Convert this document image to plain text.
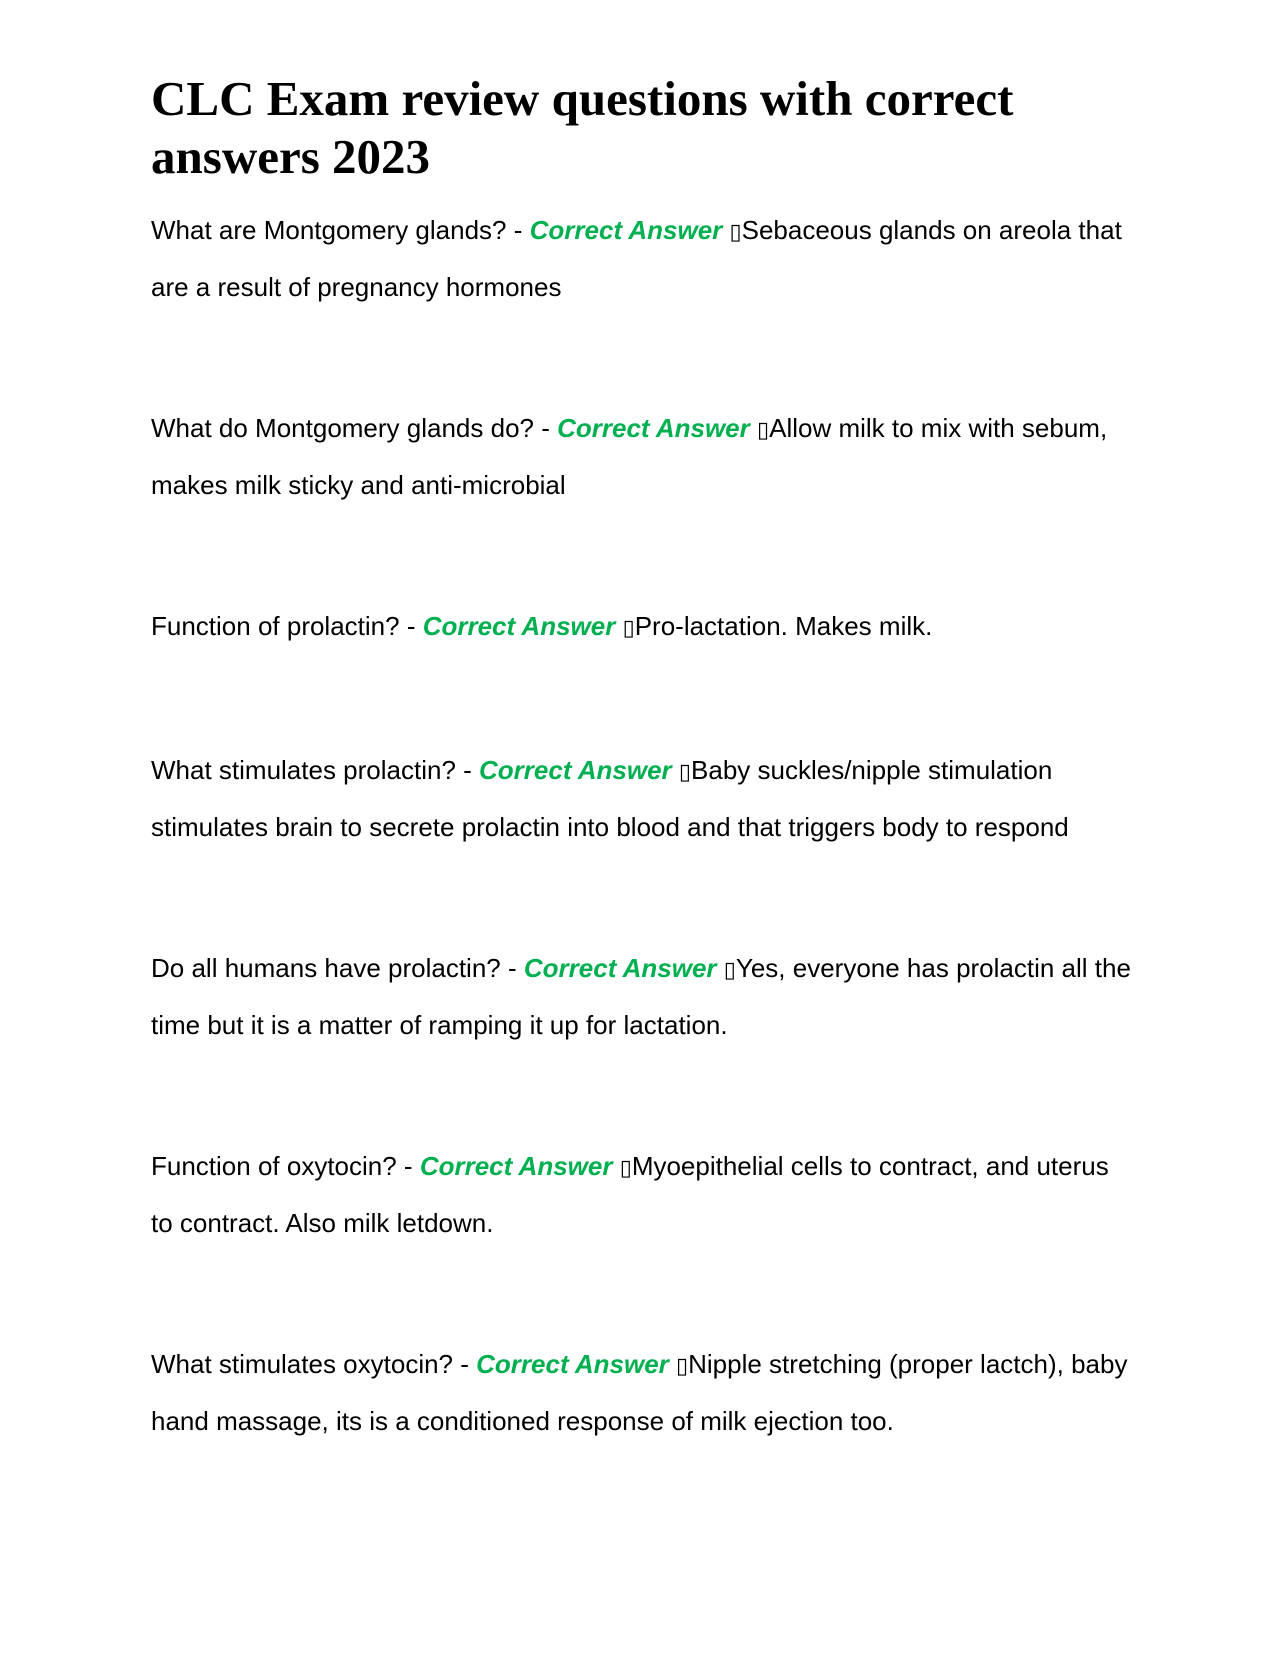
CLC Exam review questions with correct answers 2023
What are Montgomery glands? - Correct Answer ▯Sebaceous glands on areola that are a result of pregnancy hormones
What do Montgomery glands do? - Correct Answer ▯Allow milk to mix with sebum, makes milk sticky and anti-microbial
Function of prolactin? - Correct Answer ▯Pro-lactation. Makes milk.
What stimulates prolactin? - Correct Answer ▯Baby suckles/nipple stimulation stimulates brain to secrete prolactin into blood and that triggers body to respond
Do all humans have prolactin? - Correct Answer ▯Yes, everyone has prolactin all the time but it is a matter of ramping it up for lactation.
Function of oxytocin? - Correct Answer ▯Myoepithelial cells to contract, and uterus to contract. Also milk letdown.
What stimulates oxytocin? - Correct Answer ▯Nipple stretching (proper lactch), baby hand massage, its is a conditioned response of milk ejection too.
